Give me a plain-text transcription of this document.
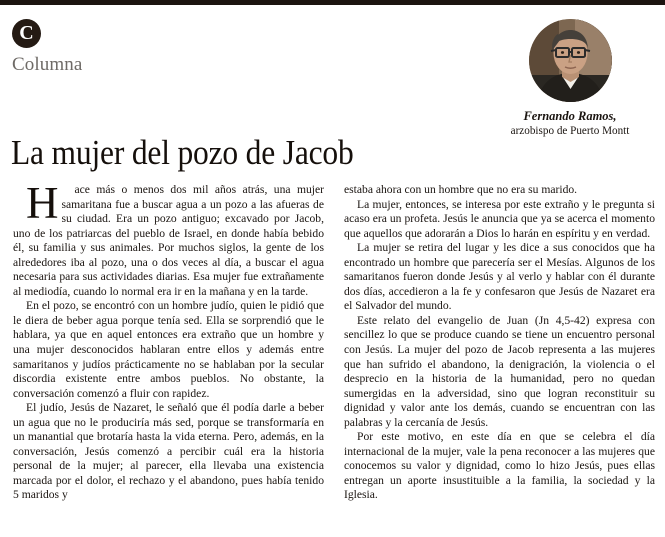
C
Columna
Fernando Ramos,
arzobispo de Puerto Montt
La mujer del pozo de Jacob

Hace más o menos dos mil años atrás, una mujer samaritana fue a buscar agua a un pozo a las afueras de su ciudad. Era un pozo antiguo; excavado por Jacob, uno de los patriarcas del pueblo de Israel, en donde había bebido él, su familia y sus animales. Por muchos siglos, la gente de los alrededores iba al pozo, una o dos veces al día, a buscar el agua necesaria para sus actividades diarias. Esa mujer fue extrañamente al mediodía, cuando lo normal era ir en la mañana y en la tarde.

En el pozo, se encontró con un hombre judío, quien le pidió que le diera de beber agua porque tenía sed. Ella se sorprendió que le hablara, ya que en aquel entonces era extraño que un hombre y una mujer desconocidos hablaran entre ellos y además entre samaritanos y judíos prácticamente no se hablaban por la secular discordia existente entre ambos pueblos. No obstante, la conversación comenzó a fluir con rapidez.

El judío, Jesús de Nazaret, le señaló que él podía darle a beber un agua que no le produciría más sed, porque se transformaría en un manantial que brotaría hasta la vida eterna. Pero, además, en la conversación, Jesús comenzó a percibir cuál era la historia personal de la mujer; al parecer, ella llevaba una existencia marcada por el dolor, el rechazo y el abandono, pues había tenido 5 maridos y

estaba ahora con un hombre que no era su marido.

La mujer, entonces, se interesa por este extraño y le pregunta si acaso era un profeta. Jesús le anuncia que ya se acerca el momento que aquellos que adorarán a Dios lo harán en espíritu y en verdad.

La mujer se retira del lugar y les dice a sus conocidos que ha encontrado un hombre que parecería ser el Mesías. Algunos de los samaritanos fueron donde Jesús y al verlo y hablar con él durante dos días, accedieron a la fe y confesaron que Jesús de Nazaret era el Salvador del mundo.

Este relato del evangelio de Juan (Jn 4,5-42) expresa con sencillez lo que se produce cuando se tiene un encuentro personal con Jesús. La mujer del pozo de Jacob representa a las mujeres que han sufrido el abandono, la denigración, la violencia o el desprecio en la historia de la humanidad, pero no quedan sumergidas en la adversidad, sino que logran reconstituir su dignidad y valor ante los demás, cuando se encuentran con las palabras y la cercanía de Jesús.

Por este motivo, en este día en que se celebra el día internacional de la mujer, vale la pena reconocer a las mujeres que conocemos su valor y dignidad, como lo hizo Jesús, pues ellas entregan un aporte insustituible a la familia, la sociedad y la Iglesia.
